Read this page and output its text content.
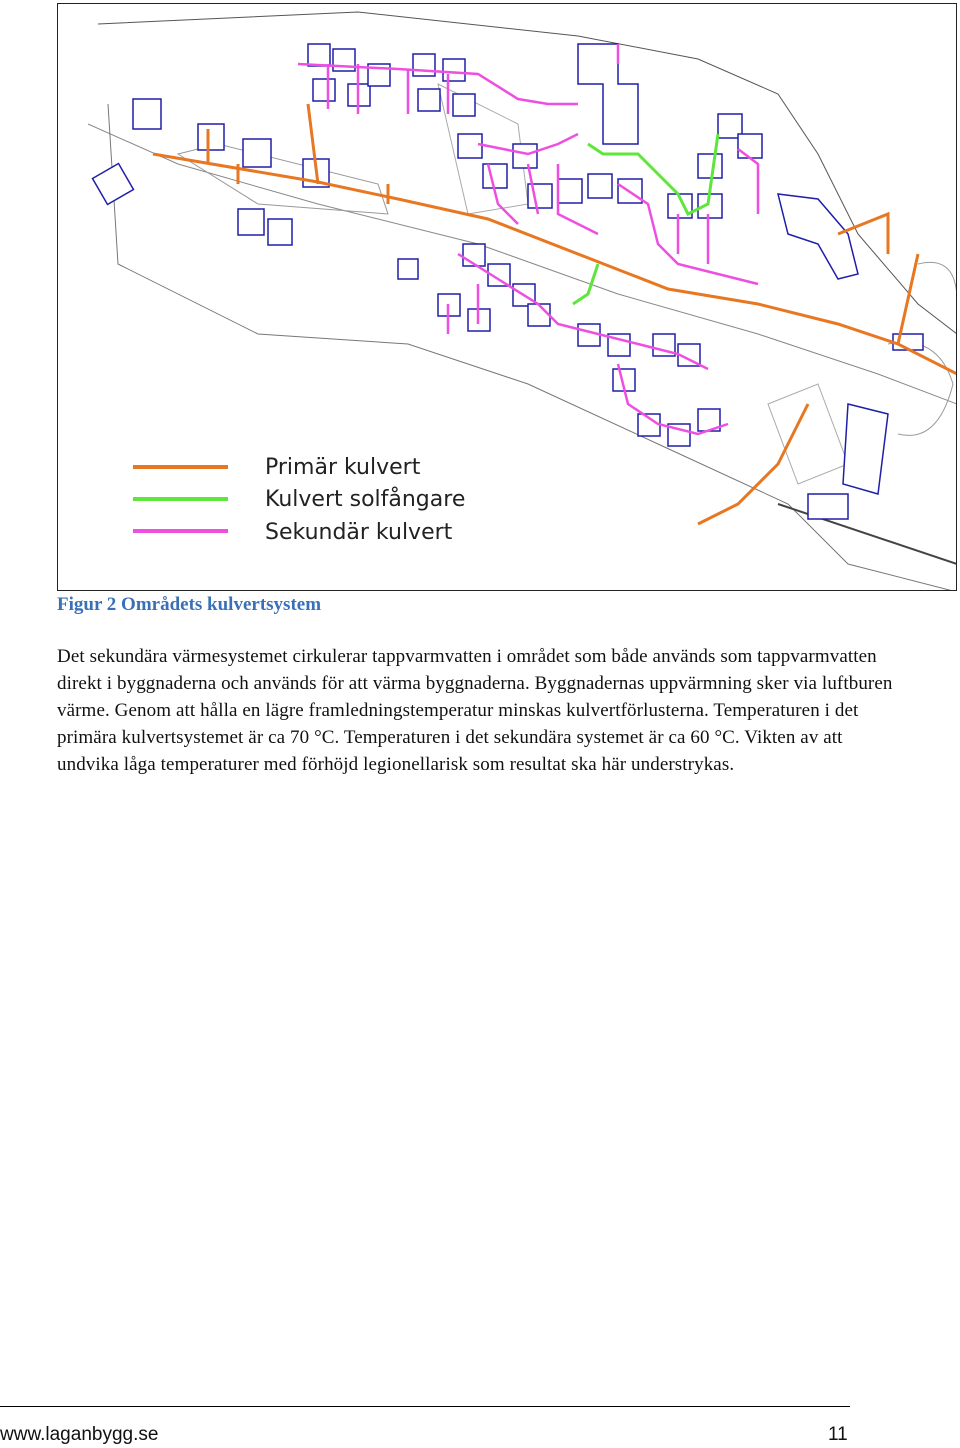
Primär kulvert
Kulvert solfångare
Sekundär kulvert
Figur 2 Områdets kulvertsystem

Det sekundära värmesystemet cirkulerar tappvarmvatten i området som både används som tappvarmvatten direkt i byggnaderna och används för att värma byggnaderna. Byggnadernas uppvärmning sker via luftburen värme. Genom att hålla en lägre framledningstemperatur minskas kulvertförlusterna. Temperaturen i det primära kulvertsystemet är ca 70 °C. Temperaturen i det sekundära systemet är ca 60 °C. Vikten av att undvika låga temperaturer med förhöjd legionellarisk som resultat ska här understrykas.

www.laganbygg.se	11
